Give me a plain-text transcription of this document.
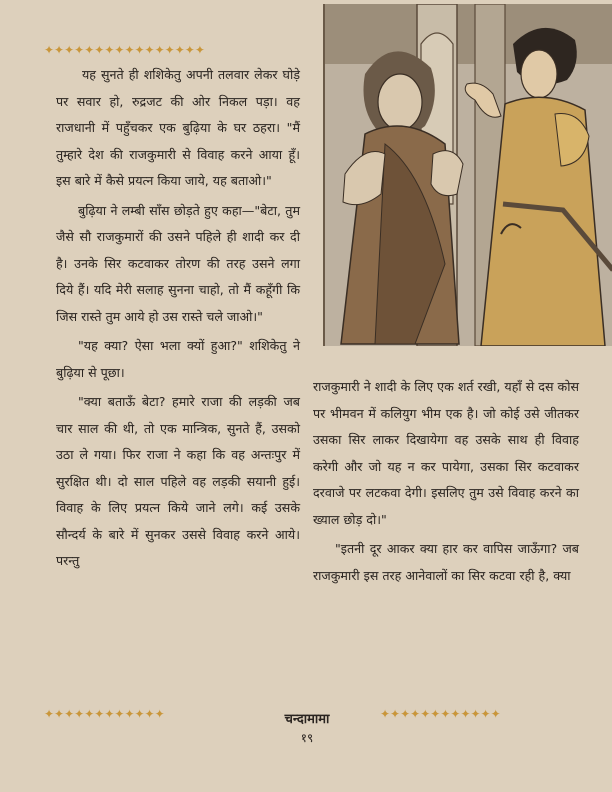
✦✦✦✦✦✦✦✦✦✦✦✦✦✦✦✦

यह सुनते ही शशिकेतु अपनी तलवार लेकर घोड़े पर सवार हो, रुद्रजट की ओर निकल पड़ा। वह राजधानी में पहुँचकर एक बुढ़िया के घर ठहरा। "मैं तुम्हारे देश की राजकुमारी से विवाह करने आया हूँ। इस बारे में कैसे प्रयत्न किया जाये, यह बताओ।"

बुढ़िया ने लम्बी साँस छोड़ते हुए कहा—"बेटा, तुम जैसे सौ राजकुमारों की उसने पहिले ही शादी कर दी है। उनके सिर कटवाकर तोरण की तरह उसने लगा दिये हैं। यदि मेरी सलाह सुनना चाहो, तो मैं कहूँगी कि जिस रास्ते तुम आये हो उस रास्ते चले जाओ।"

"यह क्या? ऐसा भला क्यों हुआ?" शशिकेतु ने बुढ़िया से पूछा।

"क्या बताऊँ बेटा? हमारे राजा की लड़की जब चार साल की थी, तो एक मान्त्रिक, सुनते हैं, उसको उठा ले गया। फिर राजा ने कहा कि वह अन्तःपुर में सुरक्षित थी। दो साल पहिले वह लड़की सयानी हुई। विवाह के लिए प्रयत्न किये जाने लगे। कई उसके सौन्दर्य के बारे में सुनकर उससे विवाह करने आये। परन्तु

राजकुमारी ने शादी के लिए एक शर्त रखी, यहाँ से दस कोस पर भीमवन में कलियुग भीम एक है। जो कोई उसे जीतकर उसका सिर लाकर दिखायेगा वह उसके साथ ही विवाह करेगी और जो यह न कर पायेगा, उसका सिर कटवाकर दरवाजे पर लटकवा देगी। इसलिए तुम उसे विवाह करने का ख्याल छोड़ दो।"

"इतनी दूर आकर क्या हार कर वापिस जाऊँगा? जब राजकुमारी इस तरह आनेवालों का सिर कटवा रही है, क्या

✦✦✦✦✦✦✦✦✦✦✦✦	✦✦✦✦✦✦✦✦✦✦✦✦
चन्दामामा
१९
